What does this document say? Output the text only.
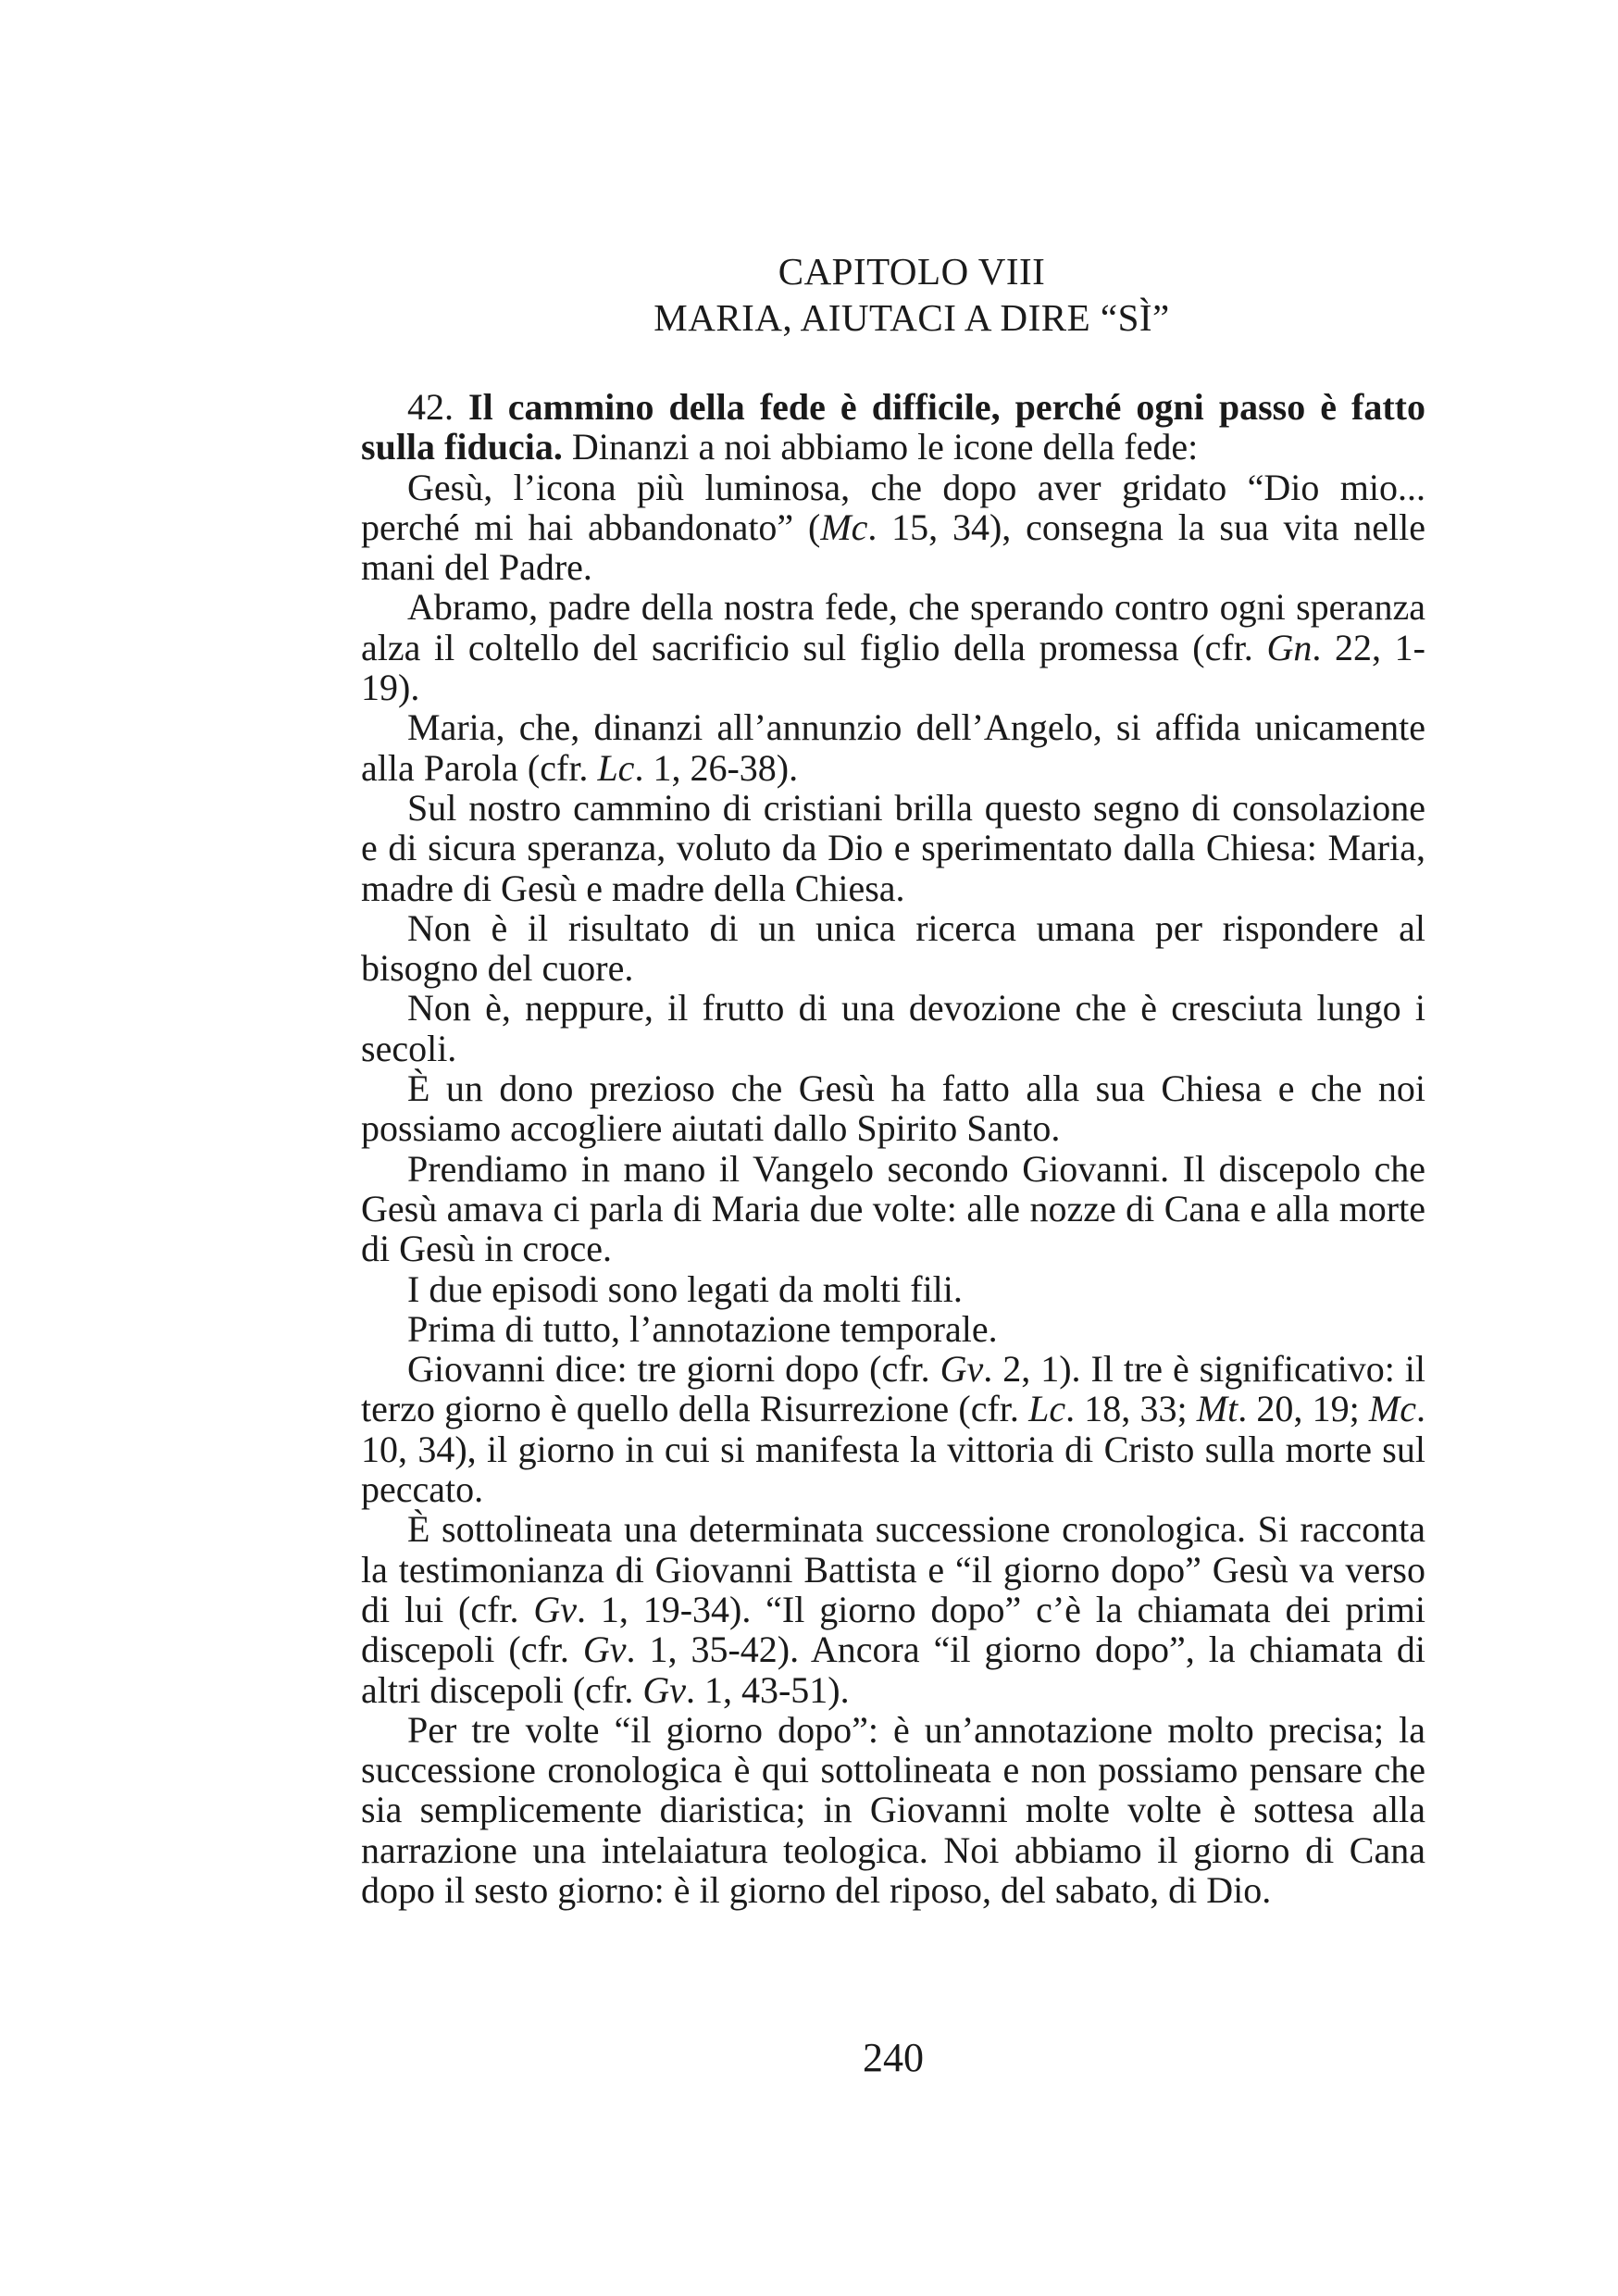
CAPITOLO VIII
MARIA, AIUTACI A DIRE “SÌ”

42. Il cammino della fede è difficile, perché ogni passo è fatto sulla fiducia. Dinanzi a noi abbiamo le icone della fede:

Gesù, l’icona più luminosa, che dopo aver gridato “Dio mio... perché mi hai abbandonato” (Mc. 15, 34), consegna la sua vita nelle mani del Padre.

Abramo, padre della nostra fede, che sperando contro ogni speranza alza il coltello del sacrificio sul figlio della promessa (cfr. Gn. 22, 1-19).

Maria, che, dinanzi all’annunzio dell’Angelo, si affida unicamente alla Parola (cfr. Lc. 1, 26-38).

Sul nostro cammino di cristiani brilla questo segno di consolazione e di sicura speranza, voluto da Dio e sperimentato dalla Chiesa: Maria, madre di Gesù e madre della Chiesa.

Non è il risultato di un unica ricerca umana per rispondere al bisogno del cuore.

Non è, neppure, il frutto di una devozione che è cresciuta lungo i secoli.

È un dono prezioso che Gesù ha fatto alla sua Chiesa e che noi possiamo accogliere aiutati dallo Spirito Santo.

Prendiamo in mano il Vangelo secondo Giovanni. Il discepolo che Gesù amava ci parla di Maria due volte: alle nozze di Cana e alla morte di Gesù in croce.

I due episodi sono legati da molti fili.

Prima di tutto, l’annotazione temporale.

Giovanni dice: tre giorni dopo (cfr. Gv. 2, 1). Il tre è significativo: il terzo giorno è quello della Risurrezione (cfr. Lc. 18, 33; Mt. 20, 19; Mc. 10, 34), il giorno in cui si manifesta la vittoria di Cristo sulla morte sul peccato.

È sottolineata una determinata successione cronologica. Si racconta la testimonianza di Giovanni Battista e “il giorno dopo” Gesù va verso di lui (cfr. Gv. 1, 19-34). “Il giorno dopo” c’è la chiamata dei primi discepoli (cfr. Gv. 1, 35-42). Ancora “il giorno dopo”, la chiamata di altri discepoli (cfr. Gv. 1, 43-51).

Per tre volte “il giorno dopo”: è un’annotazione molto precisa; la successione cronologica è qui sottolineata e non possiamo pensare che sia semplicemente diaristica; in Giovanni molte volte è sottesa alla narrazione una intelaiatura teologica. Noi abbiamo il giorno di Cana dopo il sesto giorno: è il giorno del riposo, del sabato, di Dio.

240
